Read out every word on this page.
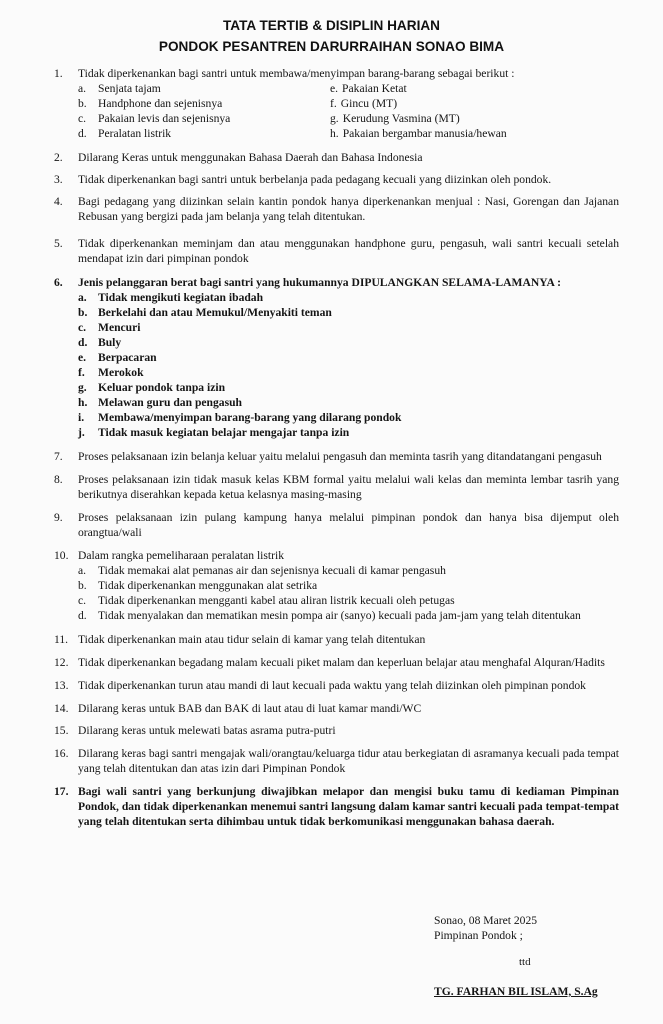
TATA TERTIB & DISIPLIN HARIAN
PONDOK PESANTREN DARURRAIHAN SONAO BIMA
1.	Tidak diperkenankan bagi santri untuk membawa/menyimpan barang-barang sebagai berikut :
a.	Senjata tajam	e. Pakaian Ketat
b. Handphone dan sejenisnya	f. Gincu (MT)
c.	Pakaian levis dan sejenisnya	g. Kerudung Vasmina (MT)
d. Peralatan listrik	h. Pakaian bergambar manusia/hewan
2.	Dilarang Keras untuk menggunakan Bahasa Daerah dan Bahasa Indonesia
3.	Tidak diperkenankan bagi santri untuk berbelanja pada pedagang kecuali yang diizinkan oleh pondok.
4.	Bagi pedagang yang diizinkan selain kantin pondok hanya diperkenankan menjual : Nasi, Gorengan dan Jajanan Rebusan yang bergizi pada jam belanja yang telah ditentukan.
5.	Tidak diperkenankan meminjam dan atau menggunakan handphone guru, pengasuh, wali santri kecuali setelah mendapat izin dari pimpinan pondok
6.	Jenis pelanggaran berat bagi santri yang hukumannya DIPULANGKAN SELAMA-LAMANYA :
a. Tidak mengikuti kegiatan ibadah
b. Berkelahi dan atau Memukul/Menyakiti teman
c.	Mencuri
d. Buly
e.	Berpacaran
f.	Merokok
g. Keluar pondok tanpa izin
h. Melawan guru dan pengasuh
i.	Membawa/menyimpan barang-barang yang dilarang pondok
j.	Tidak masuk kegiatan belajar mengajar tanpa izin
7.	Proses pelaksanaan izin belanja keluar yaitu melalui pengasuh dan meminta tasrih yang ditandatangani pengasuh
8.	Proses pelaksanaan izin tidak masuk kelas KBM formal yaitu melalui wali kelas dan meminta lembar tasrih yang berikutnya diserahkan kepada ketua kelasnya masing-masing
9.	Proses pelaksanaan izin pulang kampung hanya melalui pimpinan pondok dan hanya bisa dijemput oleh orangtua/wali
10. Dalam rangka pemeliharaan peralatan listrik
a.	Tidak memakai alat pemanas air dan sejenisnya kecuali di kamar pengasuh
b. Tidak diperkenankan menggunakan alat setrika
c.	Tidak diperkenankan mengganti kabel atau aliran listrik kecuali oleh petugas
d. Tidak menyalakan dan mematikan mesin pompa air (sanyo) kecuali pada jam-jam yang telah ditentukan
11. Tidak diperkenankan main atau tidur selain di kamar yang telah ditentukan
12. Tidak diperkenankan begadang malam kecuali piket malam dan keperluan belajar atau menghafal Alquran/Hadits
13. Tidak diperkenankan turun atau mandi di laut kecuali pada waktu yang telah diizinkan oleh pimpinan pondok
14. Dilarang keras untuk BAB dan BAK di laut atau di luat kamar mandi/WC
15. Dilarang keras untuk melewati batas asrama putra-putri
16. Dilarang keras bagi santri mengajak wali/orangtau/keluarga tidur atau berkegiatan di asramanya kecuali pada tempat yang telah ditentukan dan atas izin dari Pimpinan Pondok
17. Bagi wali santri yang berkunjung diwajibkan melapor dan mengisi buku tamu di kediaman Pimpinan Pondok, dan tidak diperkenankan menemui santri langsung dalam kamar santri kecuali pada tempat-tempat yang telah ditentukan serta dihimbau untuk tidak berkomunikasi menggunakan bahasa daerah.
Sonao, 08 Maret 2025
Pimpinan Pondok ;
ttd
TG. FARHAN BIL ISLAM, S.Ag
